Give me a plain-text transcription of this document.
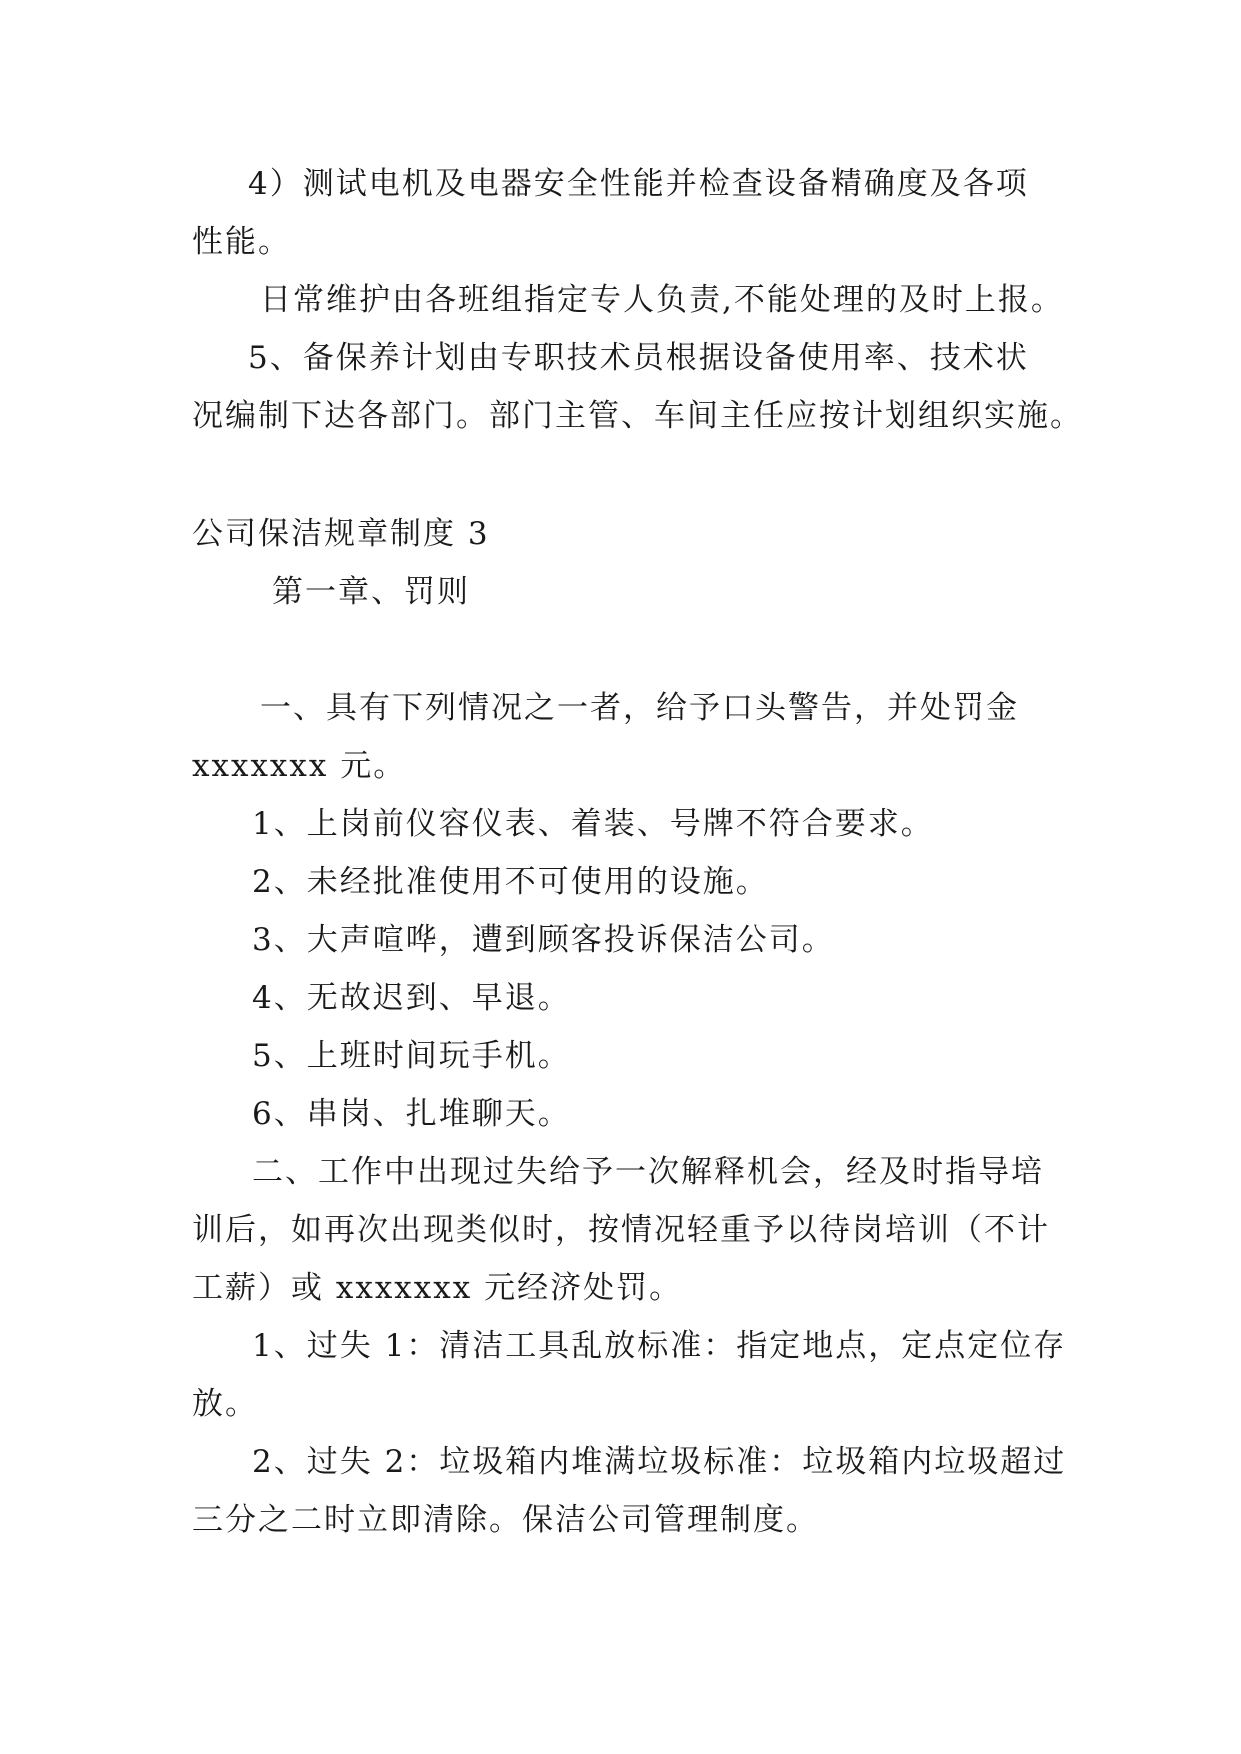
4）测试电机及电器安全性能并检查设备精确度及各项
性能。
日常维护由各班组指定专人负责,不能处理的及时上报。
5、备保养计划由专职技术员根据设备使用率、技术状
况编制下达各部门。部门主管、车间主任应按计划组织实施。
公司保洁规章制度 3
第一章、罚则
一、具有下列情况之一者，给予口头警告，并处罚金
xxxxxxx 元。
1、上岗前仪容仪表、着装、号牌不符合要求。
2、未经批准使用不可使用的设施。
3、大声喧哗，遭到顾客投诉保洁公司。
4、无故迟到、早退。
5、上班时间玩手机。
6、串岗、扎堆聊天。
二、工作中出现过失给予一次解释机会，经及时指导培
训后，如再次出现类似时，按情况轻重予以待岗培训（不计
工薪）或 xxxxxxx 元经济处罚。
1、过失 1：清洁工具乱放标准：指定地点，定点定位存
放。
2、过失 2：垃圾箱内堆满垃圾标准：垃圾箱内垃圾超过
三分之二时立即清除。保洁公司管理制度。
